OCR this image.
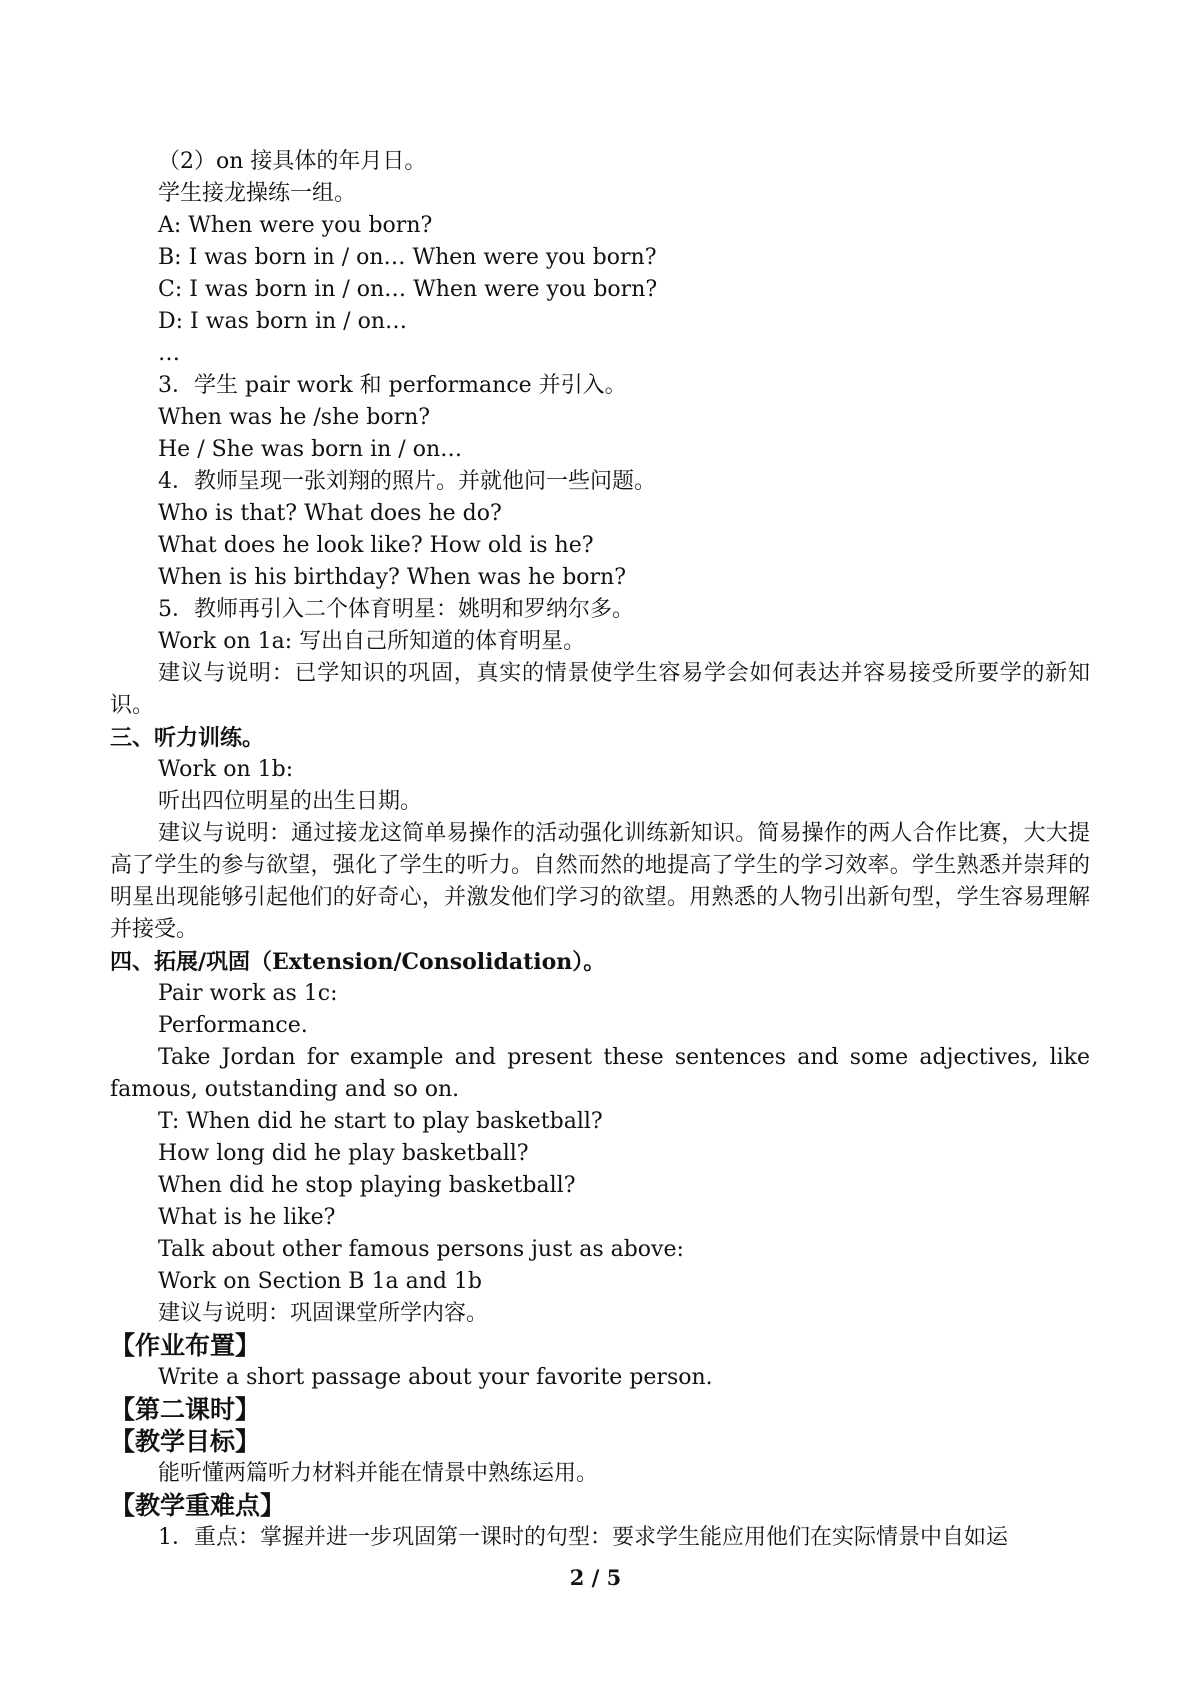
（2）on 接具体的年月日。
学生接龙操练一组。
A: When were you born?
B: I was born in / on… When were you born?
C: I was born in / on… When were you born?
D: I was born in / on…
…
3．学生 pair work 和 performance 并引入。
When was he /she born?
He / She was born in / on…
4．教师呈现一张刘翔的照片。并就他问一些问题。
Who is that? What does he do?
What does he look like? How old is he?
When is his birthday? When was he born?
5．教师再引入二个体育明星：姚明和罗纳尔多。
Work on 1a: 写出自己所知道的体育明星。

建议与说明：已学知识的巩固，真实的情景使学生容易学会如何表达并容易接受所要学的新知识。

三、听力训练。
Work on 1b:
听出四位明星的出生日期。

建议与说明：通过接龙这简单易操作的活动强化训练新知识。简易操作的两人合作比赛，大大提高了学生的参与欲望，强化了学生的听力。自然而然的地提高了学生的学习效率。学生熟悉并崇拜的明星出现能够引起他们的好奇心，并激发他们学习的欲望。用熟悉的人物引出新句型，学生容易理解并接受。

四、拓展/巩固（Extension/Consolidation）。
Pair work as 1c:
Performance.

Take Jordan for example and present these sentences and some adjectives, like famous, outstanding and so on.

T: When did he start to play basketball?
How long did he play basketball?
When did he stop playing basketball?
What is he like?
Talk about other famous persons just as above:
Work on Section B 1a and 1b
建议与说明：巩固课堂所学内容。
【作业布置】
Write a short passage about your favorite person.
【第二课时】
【教学目标】
能听懂两篇听力材料并能在情景中熟练运用。
【教学重难点】
1．重点：掌握并进一步巩固第一课时的句型：要求学生能应用他们在实际情景中自如运
2 / 5
